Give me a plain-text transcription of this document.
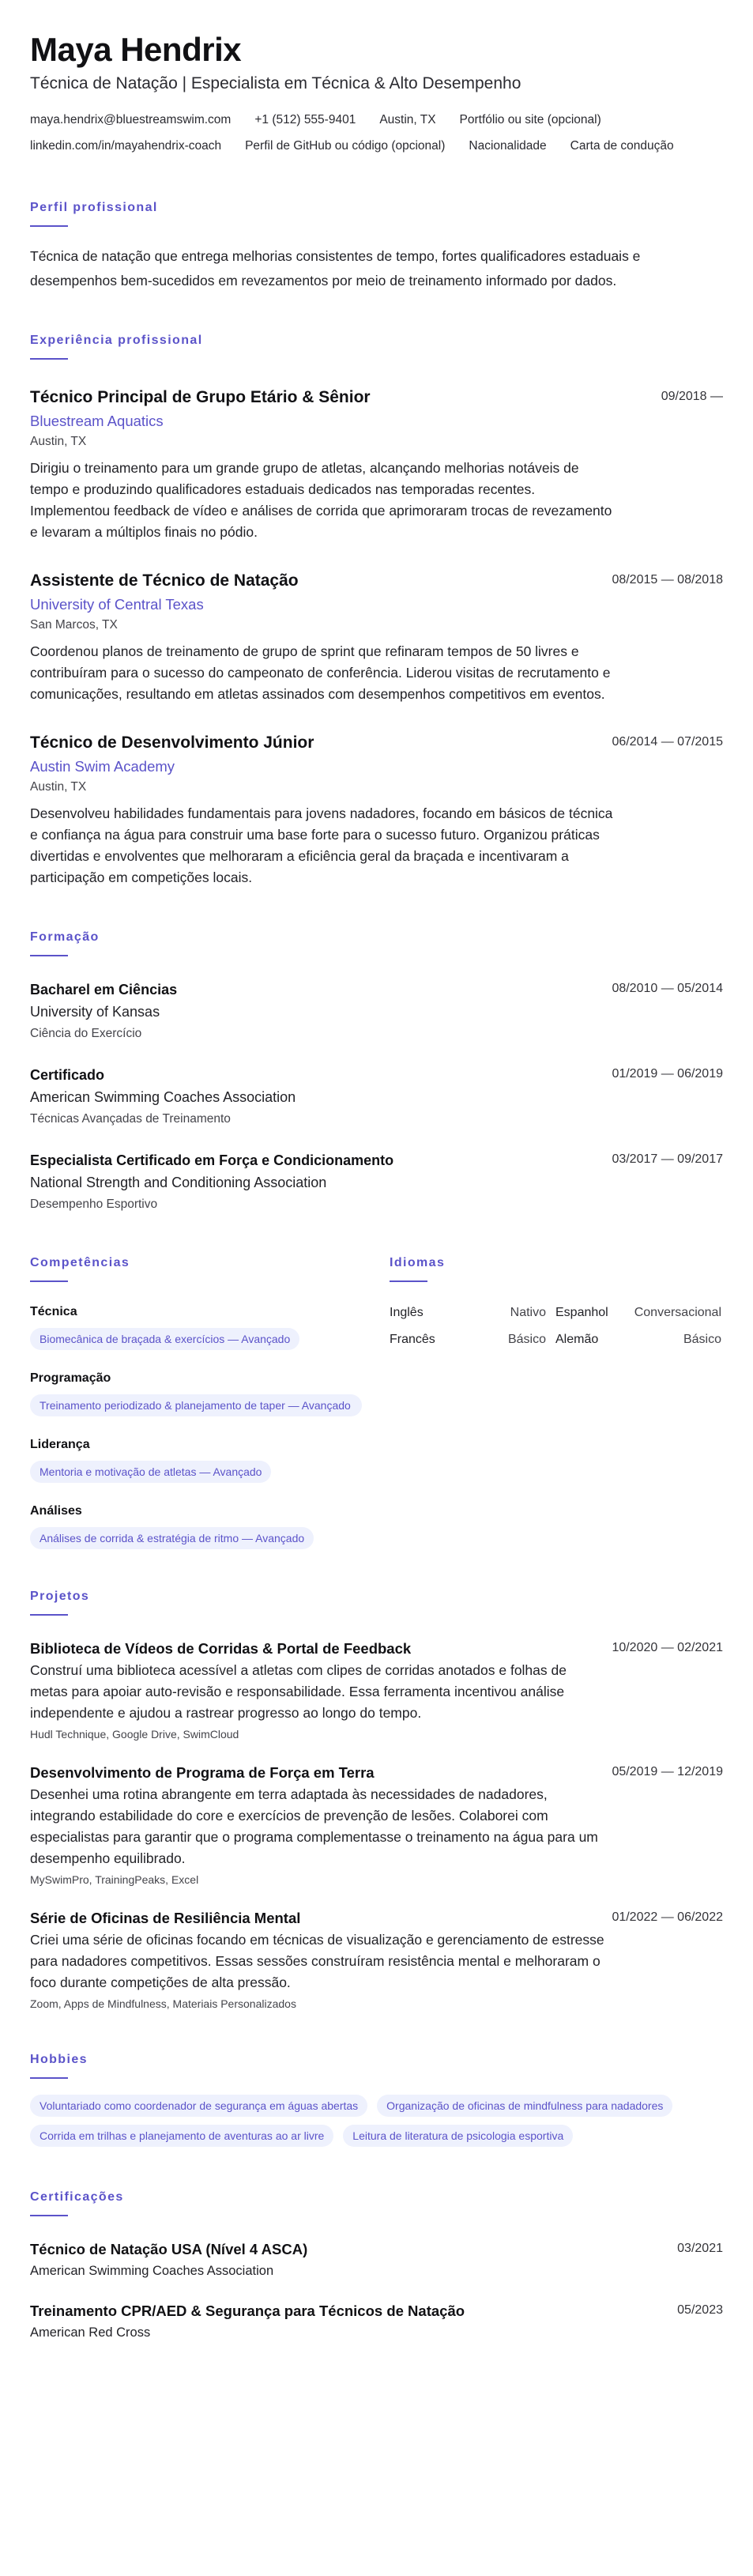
Maya Hendrix
Técnica de Natação | Especialista em Técnica & Alto Desempenho
maya.hendrix@bluestreamswim.com +1 (512) 555-9401 Austin, TX Portfólio ou site (opcional)
linkedin.com/in/mayahendrix-coach Perfil de GitHub ou código (opcional) Nacionalidade Carta de condução
Perfil profissional
Técnica de natação que entrega melhorias consistentes de tempo, fortes qualificadores estaduais e desempenhos bem-sucedidos em revezamentos por meio de treinamento informado por dados.
Experiência profissional
Técnico Principal de Grupo Etário & Sênior	09/2018 —
Bluestream Aquatics
Austin, TX
Dirigiu o treinamento para um grande grupo de atletas, alcançando melhorias notáveis de tempo e produzindo qualificadores estaduais dedicados nas temporadas recentes. Implementou feedback de vídeo e análises de corrida que aprimoraram trocas de revezamento e levaram a múltiplos finais no pódio.
Assistente de Técnico de Natação	08/2015 — 08/2018
University of Central Texas
San Marcos, TX
Coordenou planos de treinamento de grupo de sprint que refinaram tempos de 50 livres e contribuíram para o sucesso do campeonato de conferência. Liderou visitas de recrutamento e comunicações, resultando em atletas assinados com desempenhos competitivos em eventos.
Técnico de Desenvolvimento Júnior	06/2014 — 07/2015
Austin Swim Academy
Austin, TX
Desenvolveu habilidades fundamentais para jovens nadadores, focando em básicos de técnica e confiança na água para construir uma base forte para o sucesso futuro. Organizou práticas divertidas e envolventes que melhoraram a eficiência geral da braçada e incentivaram a participação em competições locais.
Formação
Bacharel em Ciências	08/2010 — 05/2014
University of Kansas
Ciência do Exercício
Certificado	01/2019 — 06/2019
American Swimming Coaches Association
Técnicas Avançadas de Treinamento
Especialista Certificado em Força e Condicionamento	03/2017 — 09/2017
National Strength and Conditioning Association
Desempenho Esportivo
Competências
Técnica
Biomecânica de braçada & exercícios — Avançado
Programação
Treinamento periodizado & planejamento de taper — Avançado
Liderança
Mentoria e motivação de atletas — Avançado
Análises
Análises de corrida & estratégia de ritmo — Avançado
Idiomas
Inglês	Nativo Espanhol Conversacional
Francês	Básico Alemão	Básico
Projetos
Biblioteca de Vídeos de Corridas & Portal de Feedback	10/2020 — 02/2021
Construí uma biblioteca acessível a atletas com clipes de corridas anotados e folhas de metas para apoiar auto-revisão e responsabilidade. Essa ferramenta incentivou análise independente e ajudou a rastrear progresso ao longo do tempo.
Hudl Technique, Google Drive, SwimCloud
Desenvolvimento de Programa de Força em Terra	05/2019 — 12/2019
Desenhei uma rotina abrangente em terra adaptada às necessidades de nadadores, integrando estabilidade do core e exercícios de prevenção de lesões. Colaborei com especialistas para garantir que o programa complementasse o treinamento na água para um desempenho equilibrado.
MySwimPro, TrainingPeaks, Excel
Série de Oficinas de Resiliência Mental	01/2022 — 06/2022
Criei uma série de oficinas focando em técnicas de visualização e gerenciamento de estresse para nadadores competitivos. Essas sessões construíram resistência mental e melhoraram o foco durante competições de alta pressão.
Zoom, Apps de Mindfulness, Materiais Personalizados
Hobbies
Voluntariado como coordenador de segurança em águas abertas	Organização de oficinas de mindfulness para nadadores
Corrida em trilhas e planejamento de aventuras ao ar livre	Leitura de literatura de psicologia esportiva
Certificações
Técnico de Natação USA (Nível 4 ASCA)	03/2021
American Swimming Coaches Association
Treinamento CPR/AED & Segurança para Técnicos de Natação	05/2023
American Red Cross
